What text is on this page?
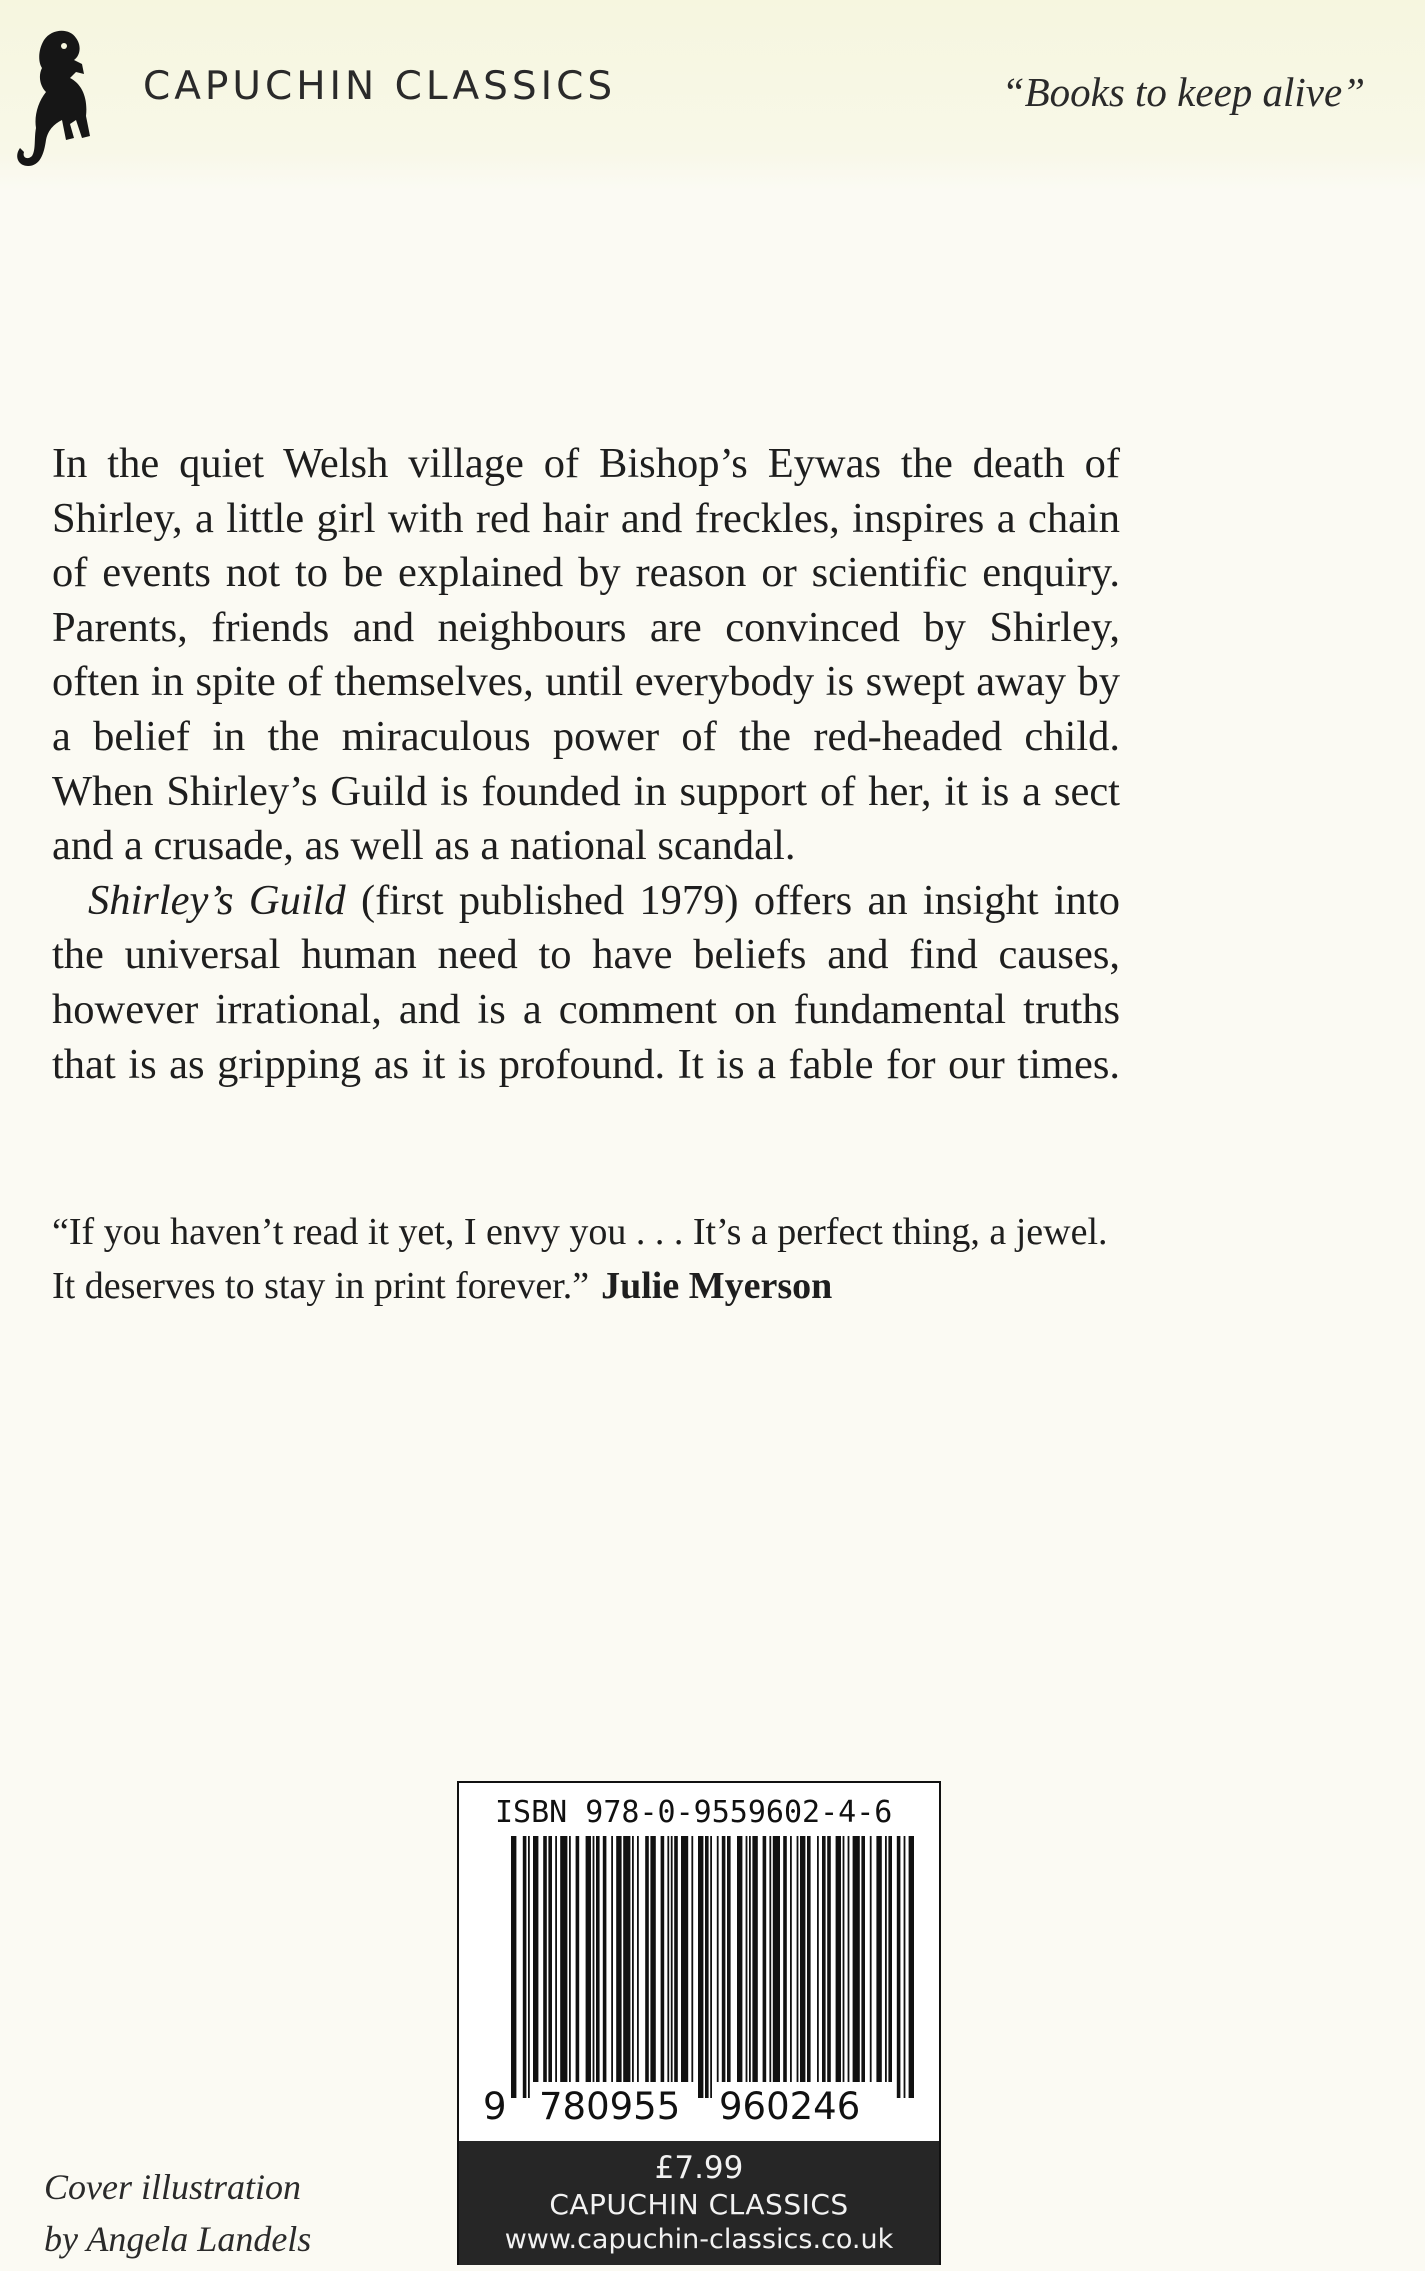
CAPUCHIN CLASSICS	“Books to keep alive”

In the quiet Welsh village of Bishop’s Eywas the death of Shirley, a little girl with red hair and freckles, inspires a chain of events not to be explained by reason or scientific enquiry. Parents, friends and neighbours are convinced by Shirley, often in spite of themselves, until everybody is swept away by a belief in the miraculous power of the red-headed child. When Shirley’s Guild is founded in support of her, it is a sect and a crusade, as well as a national scandal.

Shirley’s Guild (first published 1979) offers an insight into the universal human need to have beliefs and find causes, however irrational, and is a comment on fundamental truths that is as gripping as it is profound. It is a fable for our times.

“If you haven’t read it yet, I envy you . . . It’s a perfect thing, a jewel. It deserves to stay in print forever.” Julie Myerson
ISBN 978-0-9559602-4-6
9 780955 960246
£7.99
CAPUCHIN CLASSICS
www.capuchin-classics.co.uk
Cover illustration
by Angela Landels
